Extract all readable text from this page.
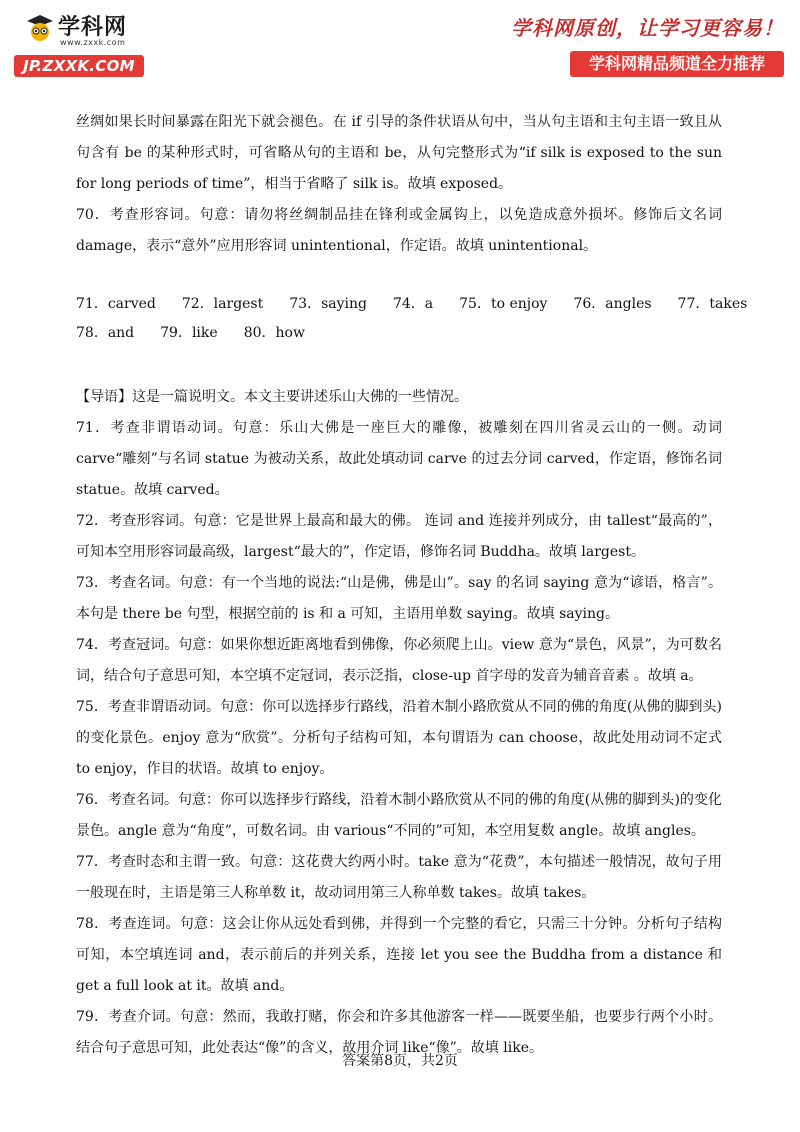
学科网
www.zxxk.com
JP.ZXXK.COM
学科网原创，让学习更容易！
学科网精品频道全力推荐

丝绸如果长时间暴露在阳光下就会褪色。在 if 引导的条件状语从句中，当从句主语和主句主语一致且从句含有 be 的某种形式时，可省略从句的主语和 be，从句完整形式为“if silk is exposed to the sun for long periods of time”，相当于省略了 silk is。故填 exposed。

70．考查形容词。句意：请勿将丝绸制品挂在锋利或金属钩上，以免造成意外损坏。修饰后文名词 damage，表示“意外”应用形容词 unintentional，作定语。故填 unintentional。

71．carved 72．largest 73．saying 74．a 75．to enjoy 76．angles 77．takes
78．and 79．like 80．how

【导语】这是一篇说明文。本文主要讲述乐山大佛的一些情况。

71．考查非谓语动词。句意：乐山大佛是一座巨大的雕像，被雕刻在四川省灵云山的一侧。动词 carve“雕刻”与名词 statue 为被动关系，故此处填动词 carve 的过去分词 carved，作定语，修饰名词 statue。故填 carved。

72．考查形容词。句意：它是世界上最高和最大的佛。 连词 and 连接并列成分，由 tallest“最高的”，可知本空用形容词最高级，largest“最大的”，作定语，修饰名词 Buddha。故填 largest。

73．考查名词。句意：有一个当地的说法:“山是佛，佛是山”。say 的名词 saying 意为“谚语，格言”。本句是 there be 句型，根据空前的 is 和 a 可知，主语用单数 saying。故填 saying。

74．考查冠词。句意：如果你想近距离地看到佛像，你必须爬上山。view 意为“景色，风景”，为可数名词，结合句子意思可知，本空填不定冠词，表示泛指，close-up 首字母的发音为辅音音素 。故填 a。

75．考查非谓语动词。句意：你可以选择步行路线，沿着木制小路欣赏从不同的佛的角度(从佛的脚到头)的变化景色。enjoy 意为“欣赏”。分析句子结构可知，本句谓语为 can choose，故此处用动词不定式 to enjoy，作目的状语。故填 to enjoy。

76．考查名词。句意：你可以选择步行路线，沿着木制小路欣赏从不同的佛的角度(从佛的脚到头)的变化景色。angle 意为“角度”，可数名词。由 various“不同的”可知，本空用复数 angle。故填 angles。

77．考查时态和主谓一致。句意：这花费大约两小时。take 意为“花费”，本句描述一般情况，故句子用一般现在时，主语是第三人称单数 it，故动词用第三人称单数 takes。故填 takes。

78．考查连词。句意：这会让你从远处看到佛，并得到一个完整的看它，只需三十分钟。分析句子结构可知，本空填连词 and，表示前后的并列关系，连接 let you see the Buddha from a distance 和 get a full look at it。故填 and。

79．考查介词。句意：然而，我敢打赌，你会和许多其他游客一样——既要坐船，也要步行两个小时。结合句子意思可知，此处表达“像”的含义，故用介词 like“像”。故填 like。

答案第8页，共2页
